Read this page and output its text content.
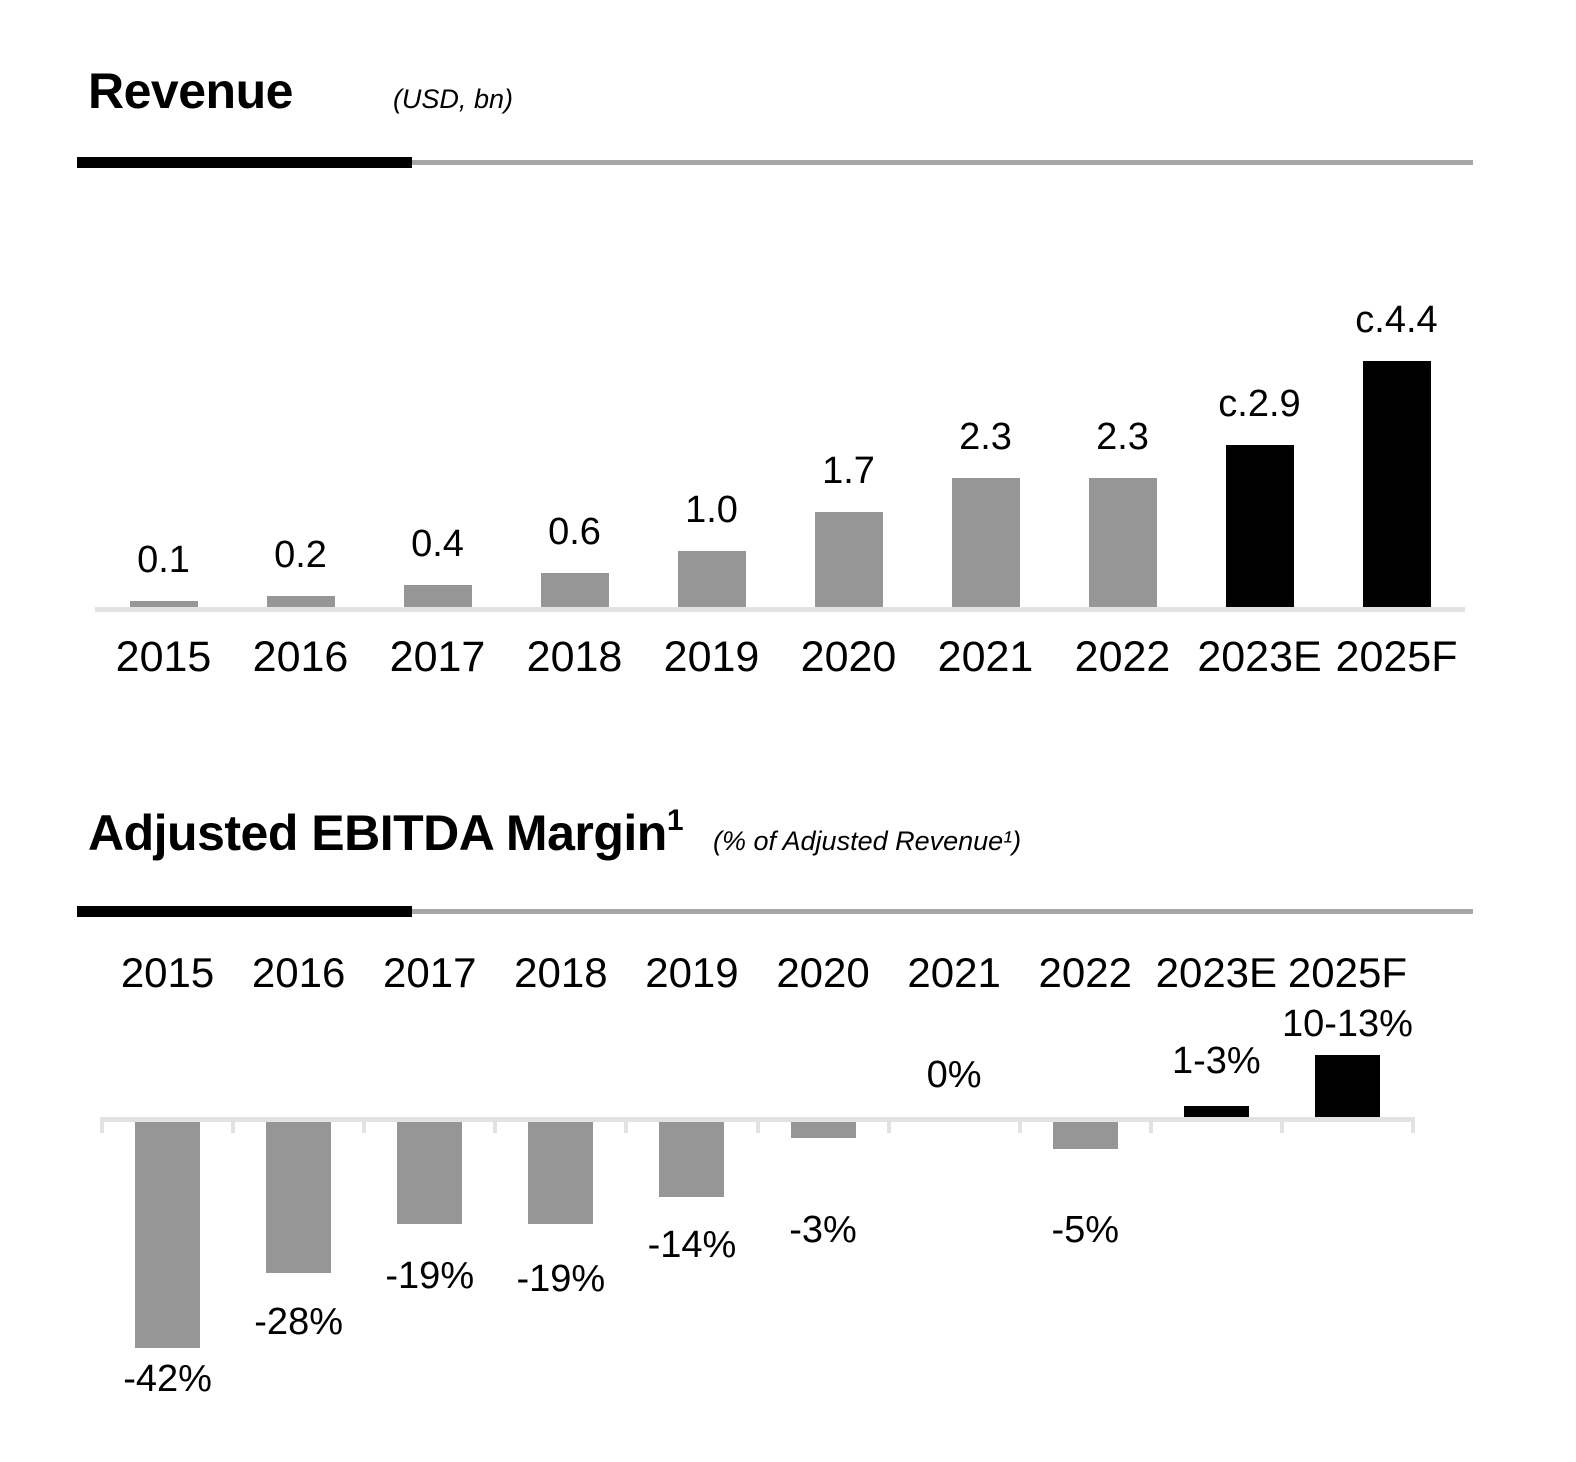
Revenue	(USD, bn)
0.1
2015
0.2
2016
0.4
2017
0.6
2018
1.0
2019
1.7
2020
2.3
2021
2.3
2022
c.2.9
2023E
c.4.4
2025F
Adjusted EBITDA Margin$^1$
(% of Adjusted Revenue¹)
-42%
2015
-28%
2016
-19%
2017
-19%
2018
-14%
2019
-3%
2020
0%
2021
-5%
2022
1-3%
2023E
10-13%
2025F
